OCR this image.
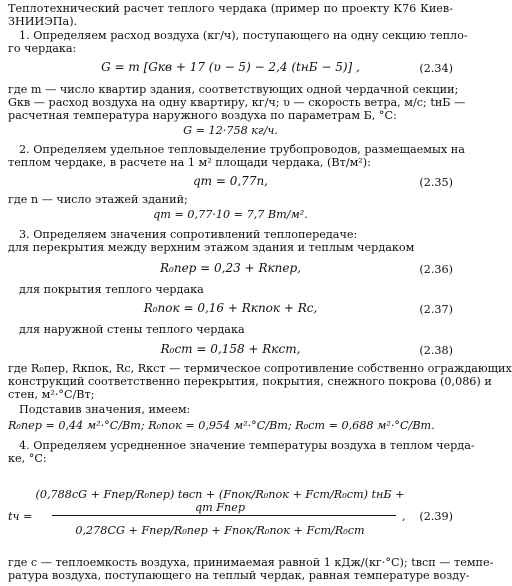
Теплотехнический расчет теплого чердака (пример по проекту К76 Киев-
ЗНИИЭПа).
1. Определяем расход воздуха (кг/ч), поступающего на одну секцию тепло-
го чердака:
G = m [Gкв + 17 (υ − 5) − 2,4 (tнБ − 5)] ,	(2.34)
где m — число квартир здания, соответствующих одной чердачной секции;
Gкв — расход воздуха на одну квартиру, кг/ч; υ — скорость ветра, м/с; tнБ —
расчетная температура наружного воздуха по параметрам Б, °С:
G = 12·758 кг/ч.
2. Определяем удельное тепловыделение трубопроводов, размещаемых на
теплом чердаке, в расчете на 1 м² площади чердака, (Вт/м²):
qт = 0,77n,	(2.35)
где n — число этажей зданий;
qт = 0,77·10 = 7,7 Вт/м².
3. Определяем значения сопротивлений теплопередаче:
для перекрытия между верхним этажом здания и теплым чердаком
R₀пер = 0,23 + Rкпер,	(2.36)
для покрытия теплого чердака
R₀пок = 0,16 + Rкпок + Rc,	(2.37)
для наружной стены теплого чердака
R₀ст = 0,158 + Rкст,	(2.38)
где R₀пер, Rкпок, Rc, Rкст — термическое сопротивление собственно ограждающих
конструкций соответственно перекрытия, покрытия, снежного покрова (0,086) и
стен, м²·°С/Вт;
Подставив значения, имеем:
R₀пер = 0,44 м²·°С/Вт; R₀пок = 0,954 м²·°С/Вт; R₀ст = 0,688 м²·°С/Вт.
4. Определяем усредненное значение температуры воздуха в теплом черда-
ке, °С:
tч =
(0,788cG + Fпер/R₀пер) tвсп + (Fпок/R₀пок + Fст/R₀ст) tнБ + qт Fпер
0,278CG + Fпер/R₀пер + Fпок/R₀пок + Fст/R₀ст
,	(2.39)
где c — теплоемкость воздуха, принимаемая равной 1 кДж/(кг·°С); tвсп — темпе-
ратура воздуха, поступающего на теплый чердак, равная температуре возду-
